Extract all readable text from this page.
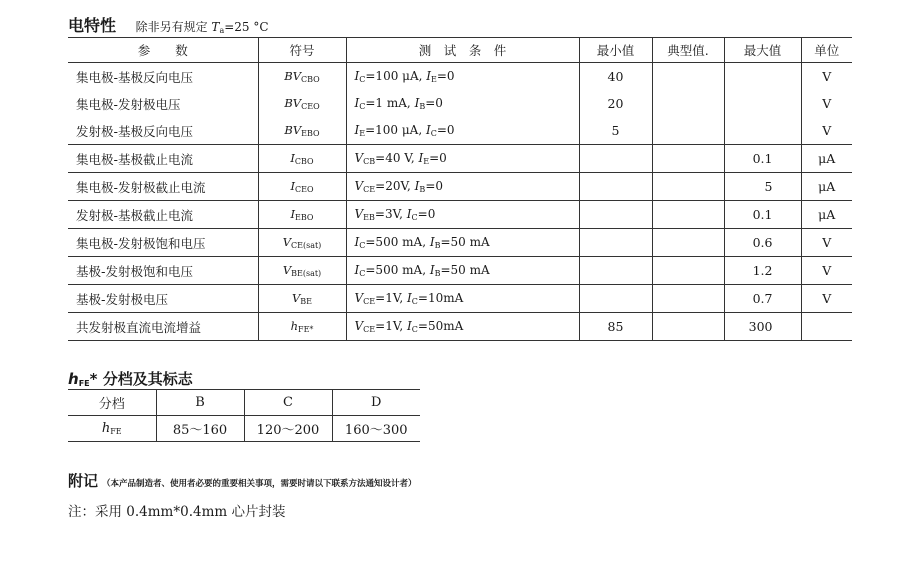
电特性 除非另有规定 $T_a=25$ °C
参　　数	符号	测　试　条　件	最小值	典型值.	最大值	单位
集电极-基极反向电压	$BV_{CBO}$	$I_C=100$ μA, $I_E=0$	40			V
集电极-发射极电压	$BV_{CEO}$	$I_C=1$ mA, $I_B=0$	20			V
发射极-基极反向电压	$BV_{EBO}$	$I_E=100$ μA, $I_C=0$	5			V
集电极-基极截止电流	$I_{CBO}$	$V_{CB}=40$ V, $I_E=0$			0.1	μA
集电极-发射极截止电流	$I_{CEO}$	$V_{CE}=20V$, $I_B=0$			5	μA
发射极-基极截止电流	$I_{EBO}$	$V_{EB}=3V$, $I_C=0$			0.1	μA
集电极-发射极饱和电压	$V_{CE(sat)}$	$I_C=500$ mA, $I_B=50$ mA			0.6	V
基极-发射极饱和电压	$V_{BE(sat)}$	$I_C=500$ mA, $I_B=50$ mA			1.2	V
基极-发射极电压	$V_{BE}$	$V_{CE}=1V$, $I_C=10mA$			0.7	V
共发射极直流电流增益	$h_{FE*}$	$V_{CE}=1V$, $I_C=50mA$	85		300	
$h_{FE}*$ 分档及其标志
分档	B	C	D
$h_{FE}$	85～160	120～200	160～300
附记 （本产品制造者、使用者必要的重要相关事项，需要时请以下联系方法通知设计者）
注：采用 0.4mm*0.4mm 心片封装
